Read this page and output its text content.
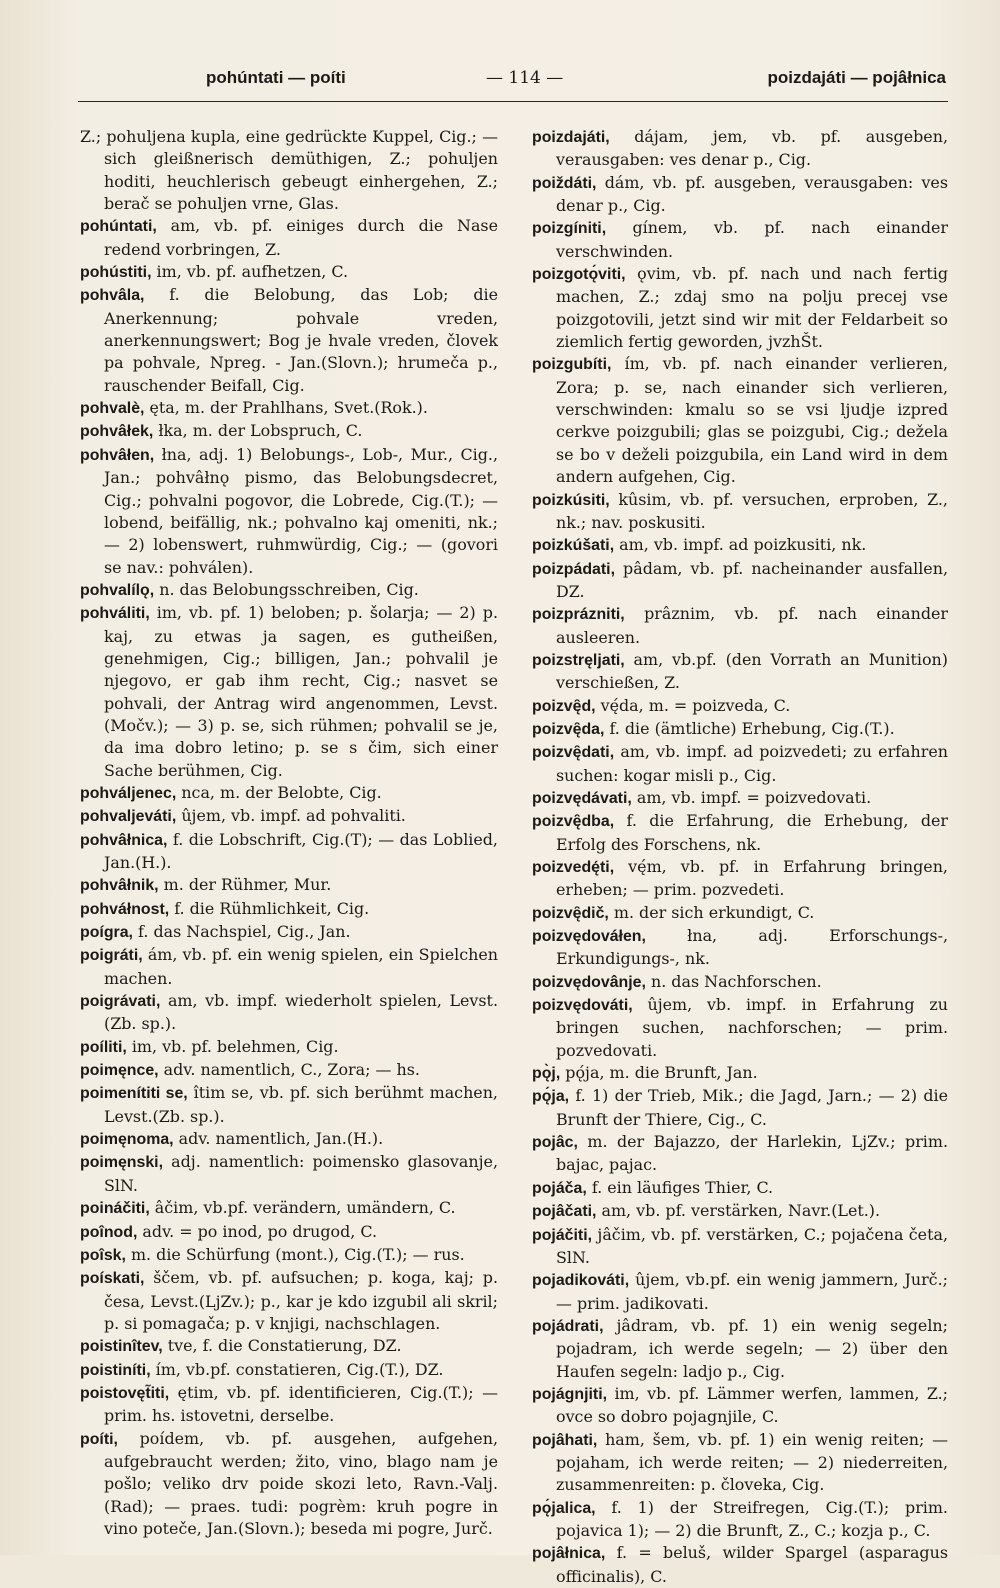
pohúntati — poíti	— 114 —	poizdajáti — pojâłnica

Z.; pohuljena kupla, eine gedrückte Kuppel, Cig.; — sich gleißnerisch demüthigen, Z.; pohuljen hoditi, heuchlerisch gebeugt einhergehen, Z.; berač se pohuljen vrne, Glas.

pohúntati, am, vb. pf. einiges durch die Nase redend vorbringen, Z.

pohústiti, im, vb. pf. aufhetzen, C.

pohvâla, f. die Belobung, das Lob; die Anerkennung; pohvale vreden, anerkennungswert; Bog je hvale vreden, človek pa pohvale, Npreg. - Jan.(Slovn.); hrumeča p., rauschender Beifall, Cig.

pohvalè, ęta, m. der Prahlhans, Svet.(Rok.).

pohvâłek, łka, m. der Lobspruch, C.

pohvâłen, łna, adj. 1) Belobungs-, Lob-, Mur., Cig., Jan.; pohvâłnǫ pismo, das Belobungsdecret, Cig.; pohvalni pogovor, die Lobrede, Cig.(T.); — lobend, beifällig, nk.; pohvalno kaj omeniti, nk.; — 2) lobenswert, ruhmwürdig, Cig.; — (govori se nav.: pohválen).

pohvalílǫ, n. das Belobungsschreiben, Cig.

pohváliti, im, vb. pf. 1) beloben; p. šolarja; — 2) p. kaj, zu etwas ja sagen, es gutheißen, genehmigen, Cig.; billigen, Jan.; pohvalil je njegovo, er gab ihm recht, Cig.; nasvet se pohvali, der Antrag wird angenommen, Levst.(Močv.); — 3) p. se, sich rühmen; pohvalil se je, da ima dobro letino; p. se s čim, sich einer Sache berühmen, Cig.

pohváljenec, nca, m. der Belobte, Cig.

pohvaljeváti, ûjem, vb. impf. ad pohvaliti.

pohvâłnica, f. die Lobschrift, Cig.(T); — das Loblied, Jan.(H.).

pohvâłnik, m. der Rühmer, Mur.

pohváłnost, f. die Rühmlichkeit, Cig.

poígra, f. das Nachspiel, Cig., Jan.

poigráti, ám, vb. pf. ein wenig spielen, ein Spielchen machen.

poigrávati, am, vb. impf. wiederholt spielen, Levst.(Zb. sp.).

poíliti, im, vb. pf. belehmen, Cig.

poimęnce, adv. namentlich, C., Zora; — hs.

poimenítiti se, îtim se, vb. pf. sich berühmt machen, Levst.(Zb. sp.).

poimęnoma, adv. namentlich, Jan.(H.).

poimęnski, adj. namentlich: poimensko glasovanje, SlN.

poináčiti, âčim, vb.pf. verändern, umändern, C.

poînod, adv. = po inod, po drugod, C.

poîsk, m. die Schürfung (mont.), Cig.(T.); — rus.

poískati, ščem, vb. pf. aufsuchen; p. koga, kaj; p. česa, Levst.(LjZv.); p., kar je kdo izgubil ali skril; p. si pomagača; p. v knjigi, nachschlagen.

poistinîtev, tve, f. die Constatierung, DZ.

poistiníti, ím, vb.pf. constatieren, Cig.(T.), DZ.

poistovęt̃iti, ętim, vb. pf. identificieren, Cig.(T.); — prim. hs. istovetni, derselbe.

poíti, poídem, vb. pf. ausgehen, aufgehen, aufgebraucht werden; žito, vino, blago nam je pošlo; veliko drv poide skozi leto, Ravn.-Valj.(Rad); — praes. tudi: pogrèm: kruh pogre in vino poteče, Jan.(Slovn.); beseda mi pogre, Jurč.

poizdajáti, dájam, jem, vb. pf. ausgeben, verausgaben: ves denar p., Cig.

poiždáti, dám, vb. pf. ausgeben, verausgaben: ves denar p., Cig.

poizgíniti, gínem, vb. pf. nach einander verschwinden.

poizgotǫ́viti, ǫvim, vb. pf. nach und nach fertig machen, Z.; zdaj smo na polju precej vse poizgotovili, jetzt sind wir mit der Feldarbeit so ziemlich fertig geworden, jvzhŠt.

poizgubíti, ím, vb. pf. nach einander verlieren, Zora; p. se, nach einander sich verlieren, verschwinden: kmalu so se vsi ljudje izpred cerkve poizgubili; glas se poizgubi, Cig.; dežela se bo v deželi poizgubila, ein Land wird in dem andern aufgehen, Cig.

poizkúsiti, kûsim, vb. pf. versuchen, erproben, Z., nk.; nav. poskusiti.

poizkúšati, am, vb. impf. ad poizkusiti, nk.

poizpádati, pâdam, vb. pf. nacheinander ausfallen, DZ.

poizprázniti, prâznim, vb. pf. nach einander ausleeren.

poizstręljati, am, vb.pf. (den Vorrath an Munition) verschießen, Z.

poizvę̑d, vę́da, m. = poizveda, C.

poizvę̑da, f. die (ämtliche) Erhebung, Cig.(T.).

poizvę̑dati, am, vb. impf. ad poizvedeti; zu erfahren suchen: kogar misli p., Cig.

poizvędávati, am, vb. impf. = poizvedovati.

poizvę̑dba, f. die Erfahrung, die Erhebung, der Erfolg des Forschens, nk.

poizvedę́ti, vę́m, vb. pf. in Erfahrung bringen, erheben; — prim. pozvedeti.

poizvę̑dič, m. der sich erkundigt, C.

poizvędováłen, łna, adj. Erforschungs-, Erkundigungs-, nk.

poizvędovânje, n. das Nachforschen.

poizvędováti, ûjem, vb. impf. in Erfahrung zu bringen suchen, nachforschen; — prim. pozvedovati.

pǫ̀j, pǫ́ja, m. die Brunft, Jan.

pǫ́ja, f. 1) der Trieb, Mik.; die Jagd, Jarn.; — 2) die Brunft der Thiere, Cig., C.

pojâc, m. der Bajazzo, der Harlekin, LjZv.; prim. bajac, pajac.

pojáča, f. ein läufiges Thier, C.

pojâčati, am, vb. pf. verstärken, Navr.(Let.).

pojáčiti, jâčim, vb. pf. verstärken, C.; pojačena četa, SlN.

pojadikováti, ûjem, vb.pf. ein wenig jammern, Jurč.; — prim. jadikovati.

pojádrati, jâdram, vb. pf. 1) ein wenig segeln; pojadram, ich werde segeln; — 2) über den Haufen segeln: ladjo p., Cig.

pojágnjiti, im, vb. pf. Lämmer werfen, lammen, Z.; ovce so dobro pojagnjile, C.

pojâhati, ham, šem, vb. pf. 1) ein wenig reiten; — pojaham, ich werde reiten; — 2) niederreiten, zusammenreiten: p. človeka, Cig.

pǫ́jalica, f. 1) der Streifregen, Cig.(T.); prim. pojavica 1); — 2) die Brunft, Z., C.; kozja p., C.

pojâłnica, f. = beluš, wilder Spargel (asparagus officinalis), C.
